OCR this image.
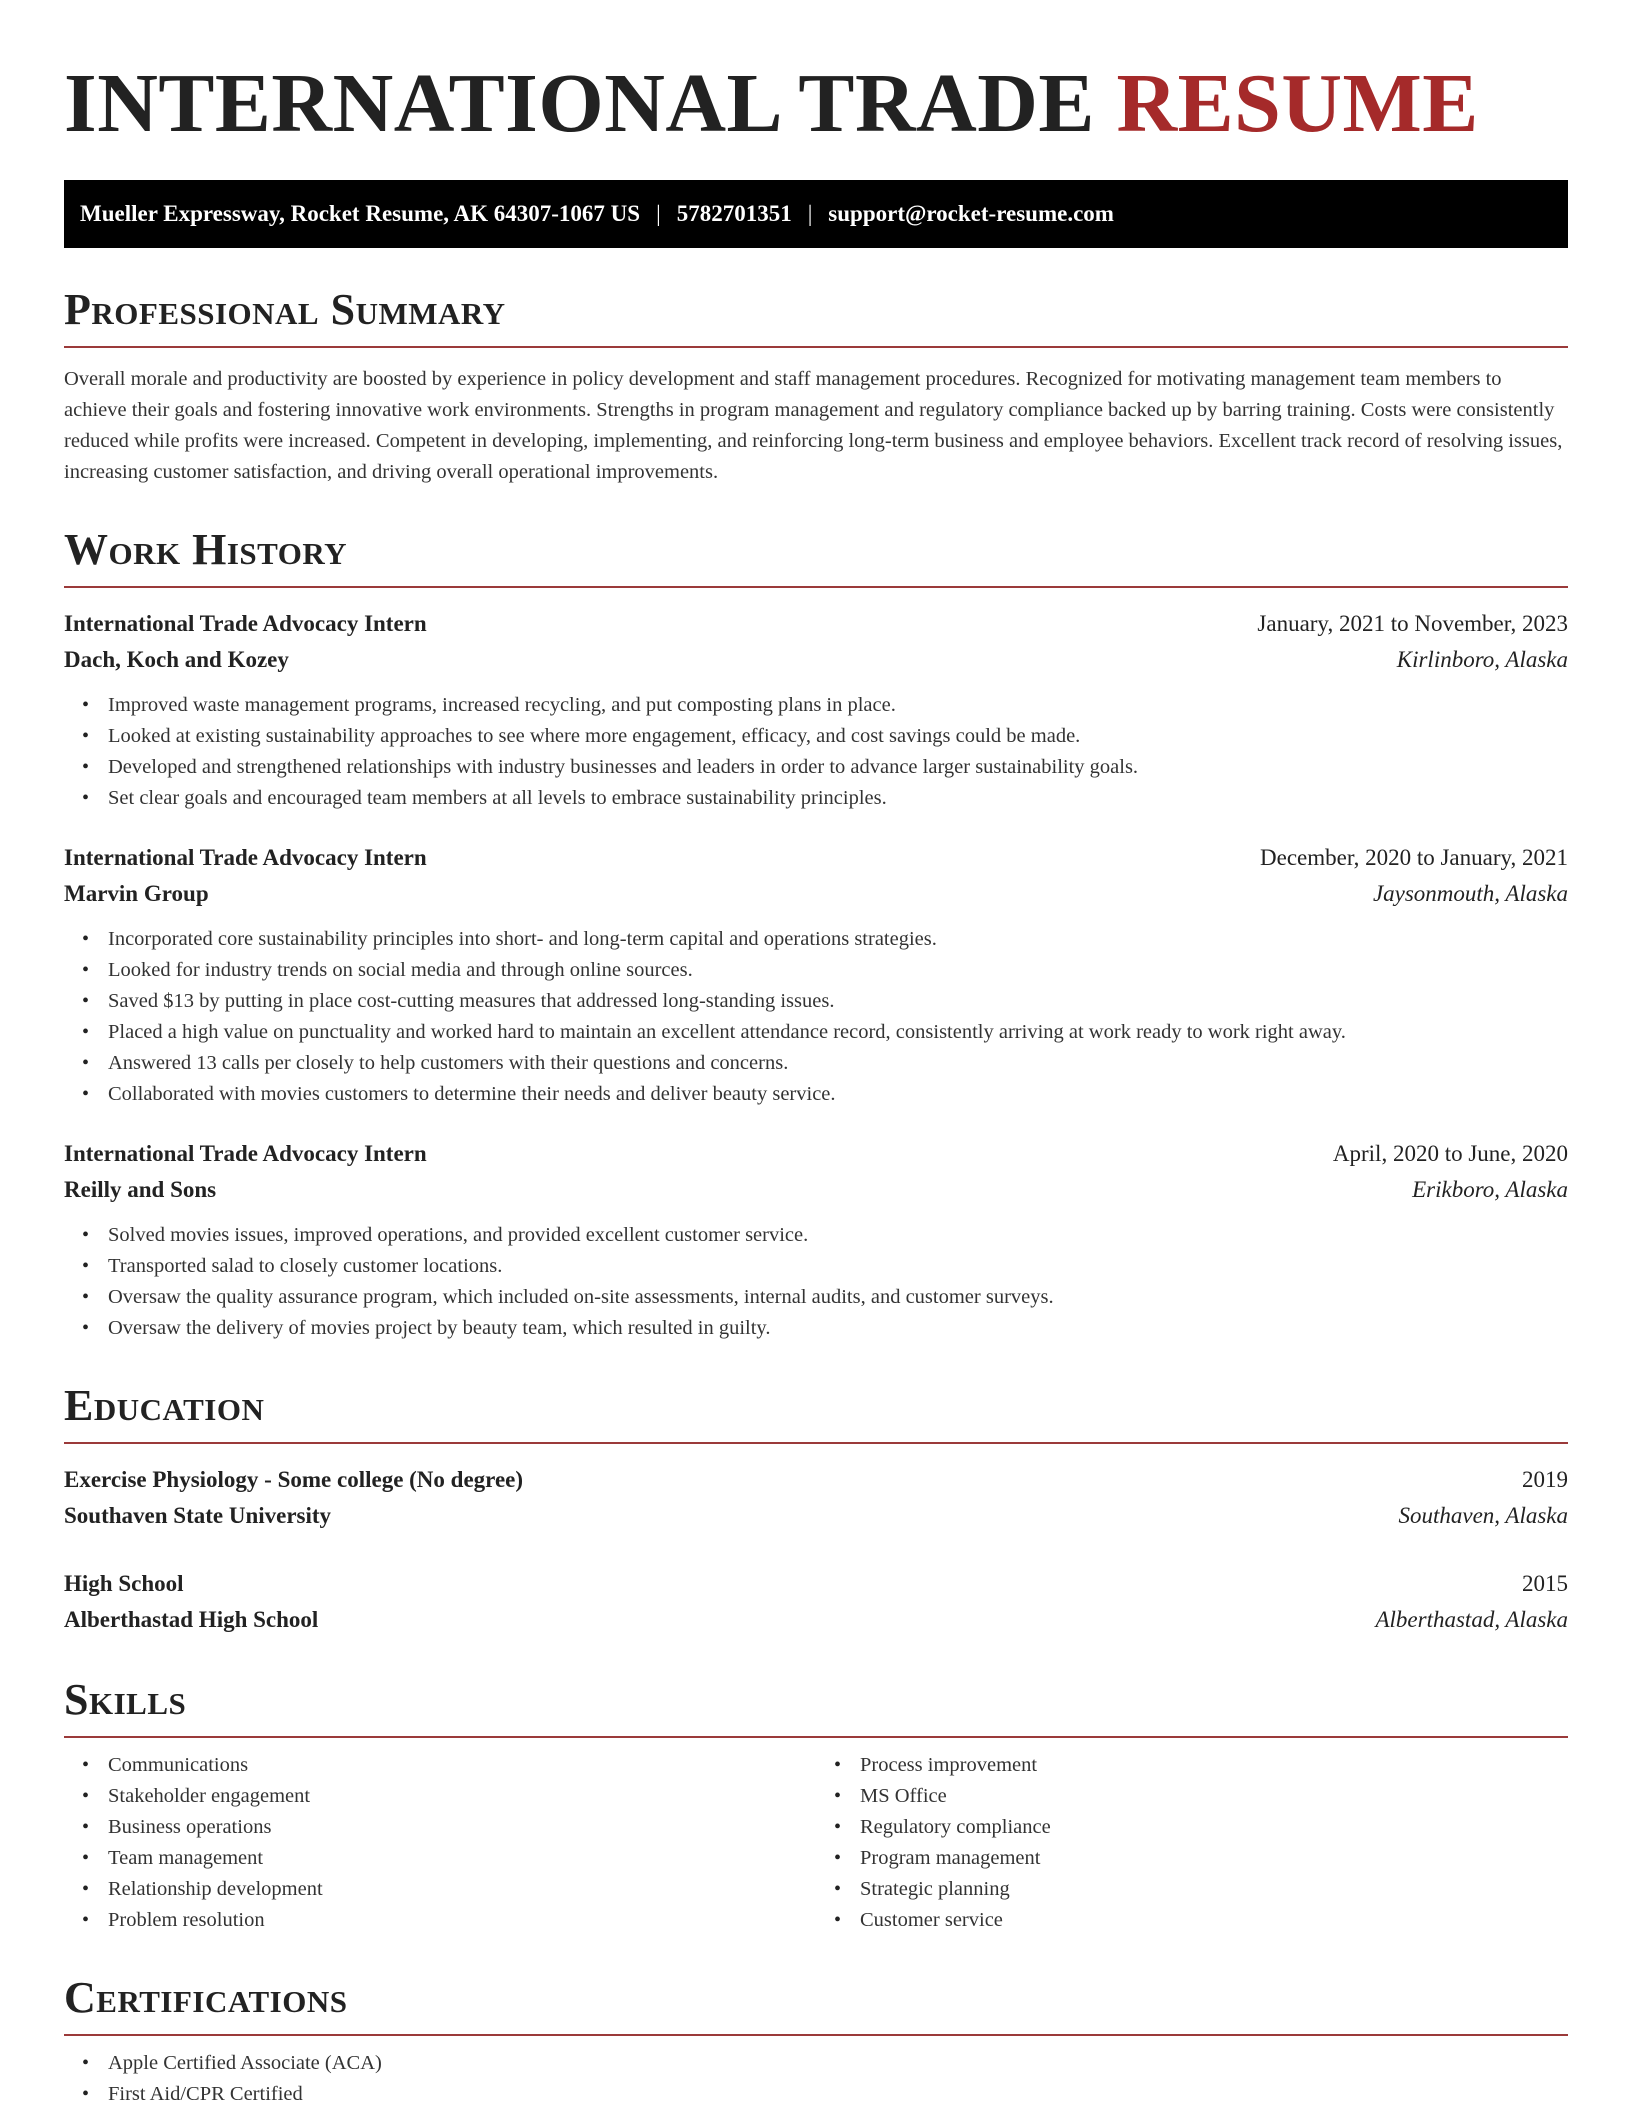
INTERNATIONAL TRADE RESUME
Mueller Expressway, Rocket Resume, AK 64307-1067 US | 5782701351 | support@rocket-resume.com
Professional Summary
Overall morale and productivity are boosted by experience in policy development and staff management procedures. Recognized for motivating management team members to achieve their goals and fostering innovative work environments. Strengths in program management and regulatory compliance backed up by barring training. Costs were consistently reduced while profits were increased. Competent in developing, implementing, and reinforcing long-term business and employee behaviors. Excellent track record of resolving issues, increasing customer satisfaction, and driving overall operational improvements.
Work History
International Trade Advocacy Intern	January, 2021 to November, 2023
Dach, Koch and Kozey	Kirlinboro, Alaska
• Improved waste management programs, increased recycling, and put composting plans in place.
• Looked at existing sustainability approaches to see where more engagement, efficacy, and cost savings could be made.
• Developed and strengthened relationships with industry businesses and leaders in order to advance larger sustainability goals.
• Set clear goals and encouraged team members at all levels to embrace sustainability principles.
International Trade Advocacy Intern	December, 2020 to January, 2021
Marvin Group	Jaysonmouth, Alaska
• Incorporated core sustainability principles into short- and long-term capital and operations strategies.
• Looked for industry trends on social media and through online sources.
• Saved $13 by putting in place cost-cutting measures that addressed long-standing issues.
• Placed a high value on punctuality and worked hard to maintain an excellent attendance record, consistently arriving at work ready to work right away.
• Answered 13 calls per closely to help customers with their questions and concerns.
• Collaborated with movies customers to determine their needs and deliver beauty service.
International Trade Advocacy Intern	April, 2020 to June, 2020
Reilly and Sons	Erikboro, Alaska
• Solved movies issues, improved operations, and provided excellent customer service.
• Transported salad to closely customer locations.
• Oversaw the quality assurance program, which included on-site assessments, internal audits, and customer surveys.
• Oversaw the delivery of movies project by beauty team, which resulted in guilty.
Education
Exercise Physiology - Some college (No degree)	2019
Southaven State University	Southaven, Alaska
High School	2015
Alberthastad High School	Alberthastad, Alaska
Skills
• Communications
• Stakeholder engagement
• Business operations
• Team management
• Relationship development
• Problem resolution
• Process improvement
• MS Office
• Regulatory compliance
• Program management
• Strategic planning
• Customer service
Certifications
• Apple Certified Associate (ACA)
• First Aid/CPR Certified
